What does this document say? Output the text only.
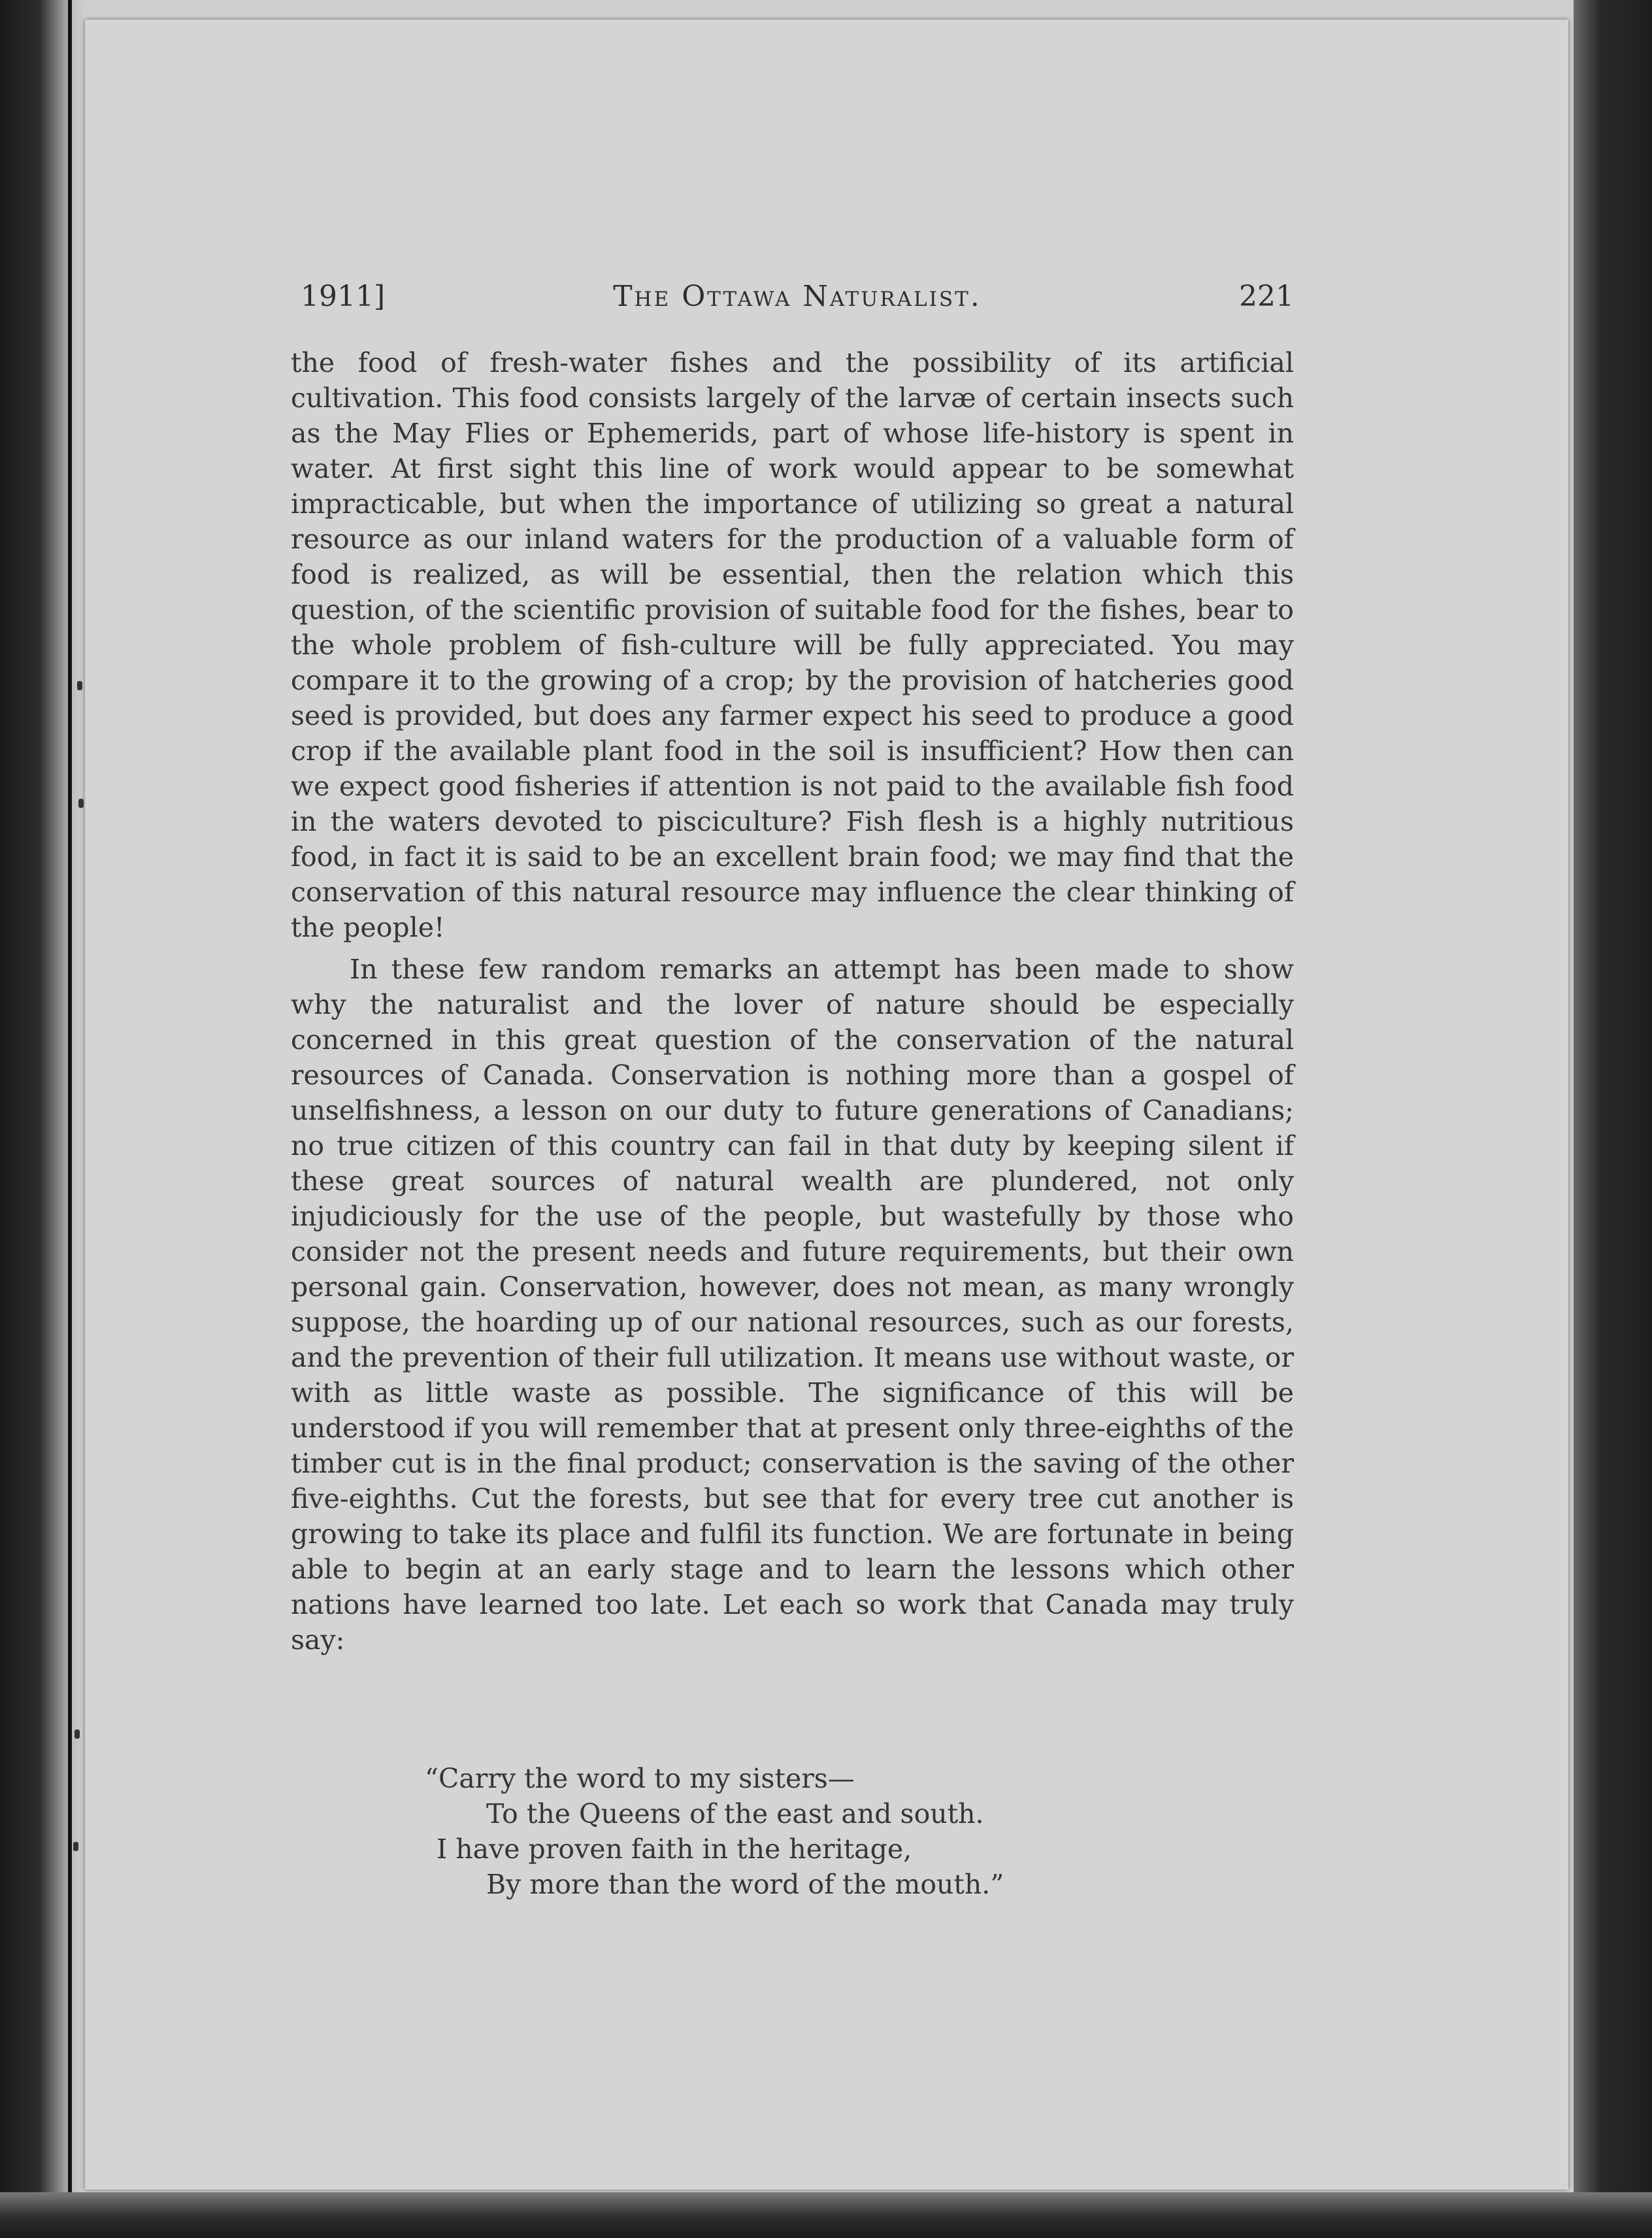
1911]	The Ottawa Naturalist.	221

the food of fresh-water fishes and the possibility of its artificial cultivation. This food consists largely of the larvæ of certain insects such as the May Flies or Ephemerids, part of whose life-history is spent in water. At first sight this line of work would appear to be somewhat impracticable, but when the importance of utilizing so great a natural resource as our inland waters for the production of a valuable form of food is realized, as will be essential, then the relation which this question, of the scientific provision of suitable food for the fishes, bear to the whole problem of fish-culture will be fully appreciated. You may compare it to the growing of a crop; by the provision of hatcheries good seed is provided, but does any farmer expect his seed to produce a good crop if the available plant food in the soil is insufficient? How then can we expect good fisheries if attention is not paid to the available fish food in the waters devoted to pisciculture? Fish flesh is a highly nutritious food, in fact it is said to be an excellent brain food; we may find that the conservation of this natural resource may influence the clear thinking of the people!

In these few random remarks an attempt has been made to show why the naturalist and the lover of nature should be especially concerned in this great question of the conservation of the natural resources of Canada. Conservation is nothing more than a gospel of unselfishness, a lesson on our duty to future generations of Canadians; no true citizen of this country can fail in that duty by keeping silent if these great sources of natural wealth are plundered, not only injudiciously for the use of the people, but wastefully by those who consider not the present needs and future requirements, but their own personal gain. Conservation, however, does not mean, as many wrongly suppose, the hoarding up of our national resources, such as our forests, and the prevention of their full utilization. It means use without waste, or with as little waste as possible. The significance of this will be understood if you will remember that at present only three-eighths of the timber cut is in the final product; conservation is the saving of the other five-eighths. Cut the forests, but see that for every tree cut another is growing to take its place and fulfil its function. We are fortunate in being able to begin at an early stage and to learn the lessons which other nations have learned too late. Let each so work that Canada may truly say:

“Carry the word to my sisters—
To the Queens of the east and south.
I have proven faith in the heritage,
By more than the word of the mouth.”
